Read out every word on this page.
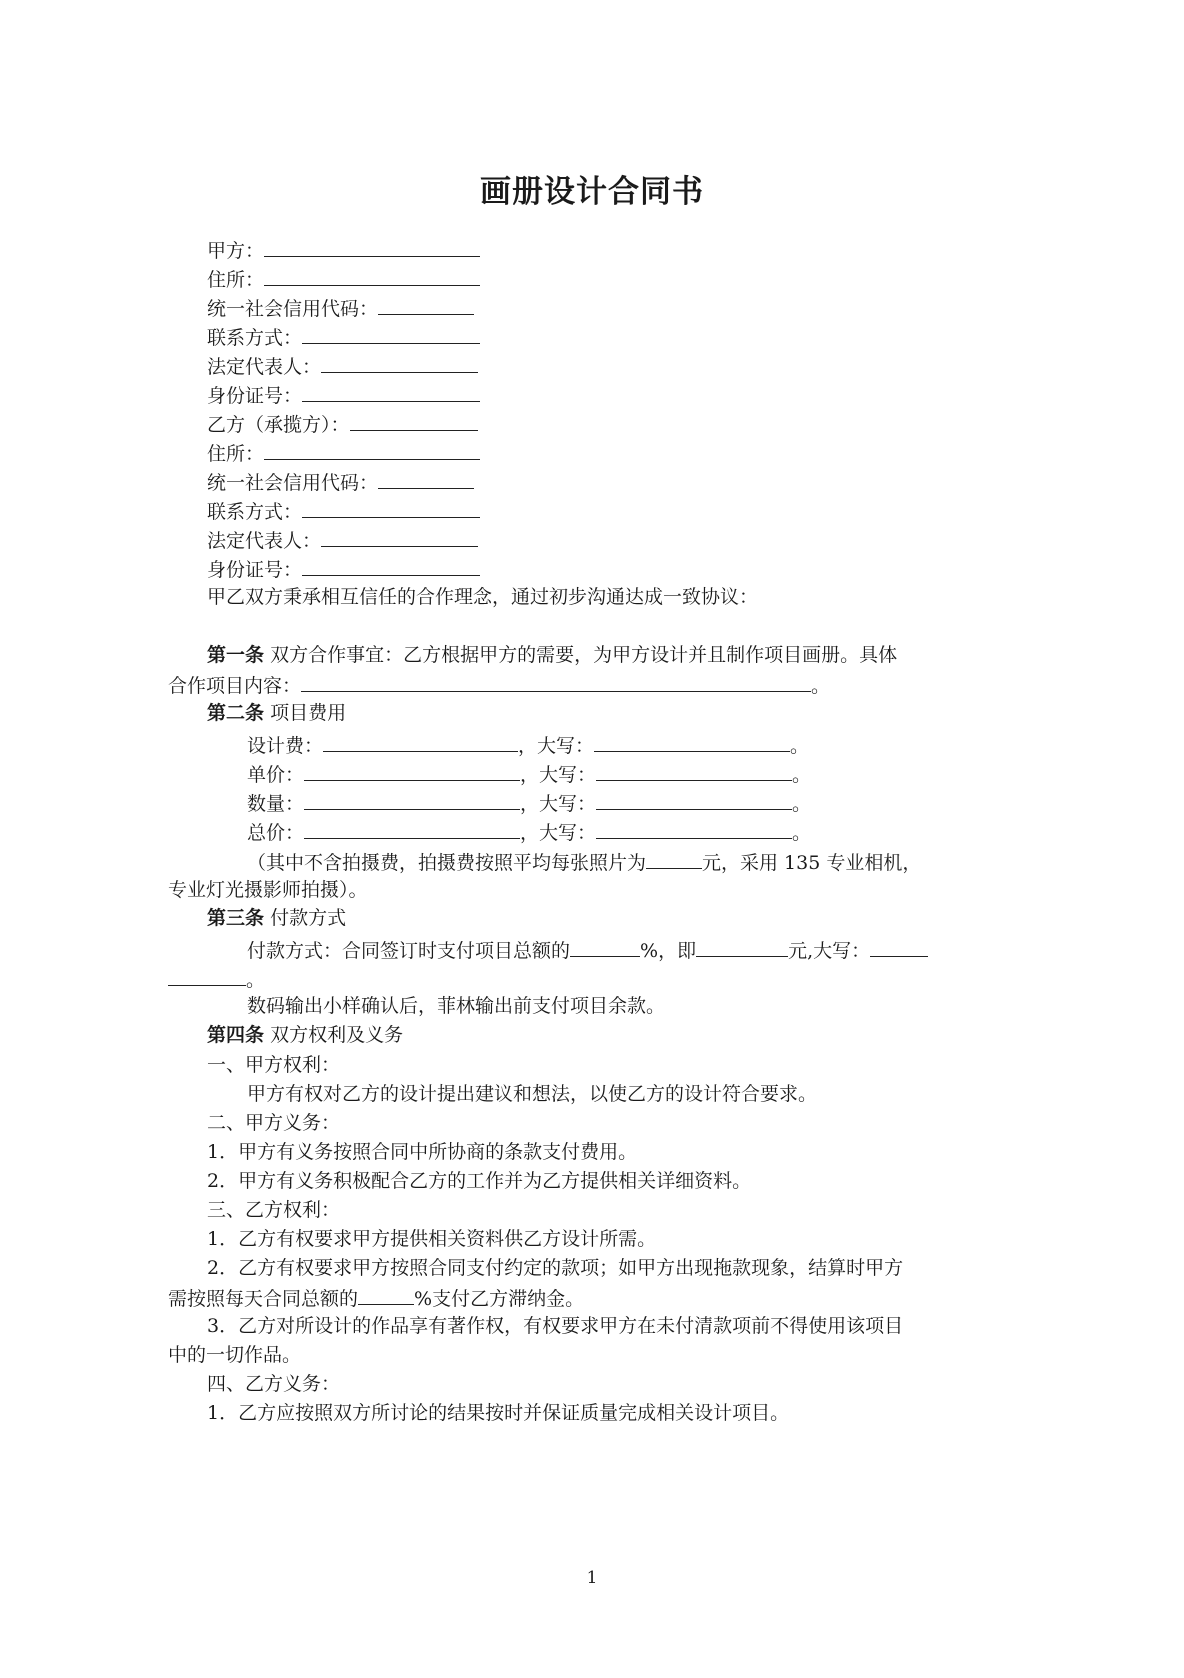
画册设计合同书
甲方：
住所：
统一社会信用代码：
联系方式：
法定代表人：
身份证号：
乙方（承揽方）：
住所：
统一社会信用代码：
联系方式：
法定代表人：
身份证号：
甲乙双方秉承相互信任的合作理念，通过初步沟通达成一致协议：
第一条 双方合作事宜：乙方根据甲方的需要，为甲方设计并且制作项目画册。具体
合作项目内容：	。
第二条 项目费用
设计费：	，大写：	。
单价：	，大写：	。
数量：	，大写：	。
总价：	，大写：	。
（其中不含拍摄费，拍摄费按照平均每张照片为	元，采用 135 专业相机，
专业灯光摄影师拍摄）。
第三条 付款方式
付款方式：合同签订时支付项目总额的	%，即	元,大写：
。
数码输出小样确认后，菲林输出前支付项目余款。
第四条 双方权利及义务
一、甲方权利：
甲方有权对乙方的设计提出建议和想法，以使乙方的设计符合要求。
二、甲方义务：
1．甲方有义务按照合同中所协商的条款支付费用。
2．甲方有义务积极配合乙方的工作并为乙方提供相关详细资料。
三、乙方权利：
1．乙方有权要求甲方提供相关资料供乙方设计所需。
2．乙方有权要求甲方按照合同支付约定的款项；如甲方出现拖款现象，结算时甲方
需按照每天合同总额的	%支付乙方滞纳金。
3．乙方对所设计的作品享有著作权，有权要求甲方在未付清款项前不得使用该项目
中的一切作品。
四、乙方义务：
1．乙方应按照双方所讨论的结果按时并保证质量完成相关设计项目。
1
